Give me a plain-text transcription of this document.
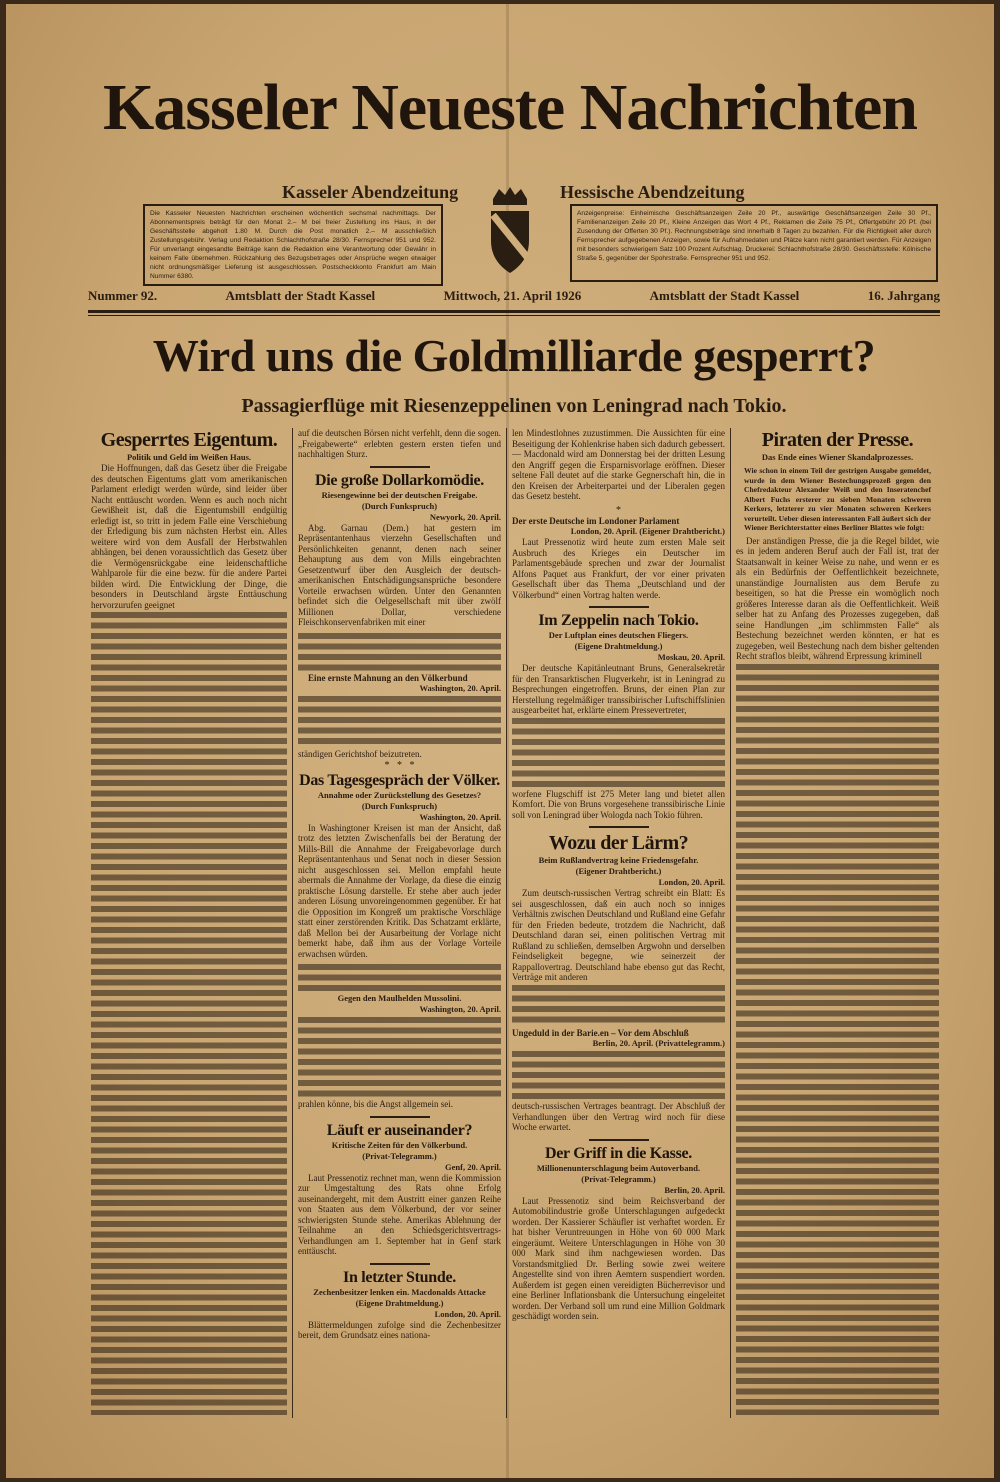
Kasseler Neueste Nachrichten
Kasseler Abendzeitung	Hessische Abendzeitung
Die Kasseler Neuesten Nachrichten erscheinen wöchentlich sechsmal nachmittags. Der Abonnementspreis beträgt für den Monat 2.– M bei freier Zustellung ins Haus, in der Geschäftsstelle abgeholt 1.80 M. Durch die Post monatlich 2.– M ausschließlich Zustellungsgebühr. Verlag und Redaktion Schlachthofstraße 28/30. Fernsprecher 951 und 952. Für unverlangt eingesandte Beiträge kann die Redaktion eine Verantwortung oder Gewähr in keinem Falle übernehmen. Rückzahlung des Bezugsbetrages oder Ansprüche wegen etwaiger nicht ordnungsmäßiger Lieferung ist ausgeschlossen. Postscheckkonto Frankfurt am Main Nummer 6380.
Anzeigenpreise: Einheimische Geschäftsanzeigen Zeile 20 Pf., auswärtige Geschäftsanzeigen Zeile 30 Pf., Familienanzeigen Zeile 20 Pf., Kleine Anzeigen das Wort 4 Pf., Reklamen die Zeile 75 Pf., Offertgebühr 20 Pf. (bei Zusendung der Offerten 30 Pf.). Rechnungsbeträge sind innerhalb 8 Tagen zu bezahlen. Für die Richtigkeit aller durch Fernsprecher aufgegebenen Anzeigen, sowie für Aufnahmedaten und Plätze kann nicht garantiert werden. Für Anzeigen mit besonders schwierigem Satz 100 Prozent Aufschlag. Druckerei: Schlachthofstraße 28/30. Geschäftsstelle: Kölnische Straße 5, gegenüber der Spohrstraße. Fernsprecher 951 und 952.
Nummer 92.	Amtsblatt der Stadt Kassel	Mittwoch, 21. April 1926	Amtsblatt der Stadt Kassel	16. Jahrgang
Wird uns die Goldmilliarde gesperrt?
Passagierflüge mit Riesenzeppelinen von Leningrad nach Tokio.
Gesperrtes Eigentum.
Politik und Geld im Weißen Haus.
Die Hoffnungen, daß das Gesetz über die Freigabe des deutschen Eigentums glatt vom amerikanischen Parlament erledigt werden würde, sind leider über Nacht enttäuscht worden. Wenn es auch noch nicht Gewißheit ist, daß die Eigentumsbill endgültig erledigt ist, so tritt in jedem Falle eine Verschiebung der Erledigung bis zum nächsten Herbst ein. Alles weitere wird von dem Ausfall der Herbstwahlen abhängen, bei denen voraussichtlich das Gesetz über die Vermögensrückgabe eine leidenschaftliche Wahlparole für die eine bezw. für die andere Partei bilden wird. Die Entwicklung der Dinge, die besonders in Deutschland ärgste Enttäuschung hervorzurufen geeignet
auf die deutschen Börsen nicht verfehlt, denn die sogen. „Freigabewerte“ erlebten gestern ersten tiefen und nachhaltigen Sturz.
Die große Dollarkomödie.
Riesengewinne bei der deutschen Freigabe.
(Durch Funkspruch)
Newyork, 20. April.
Abg. Garnau (Dem.) hat gestern im Repräsentantenhaus vierzehn Gesellschaften und Persönlichkeiten genannt, denen nach seiner Behauptung aus dem von Mills eingebrachten Gesetzentwurf über den Ausgleich der deutsch-amerikanischen Entschädigungsansprüche besondere Vorteile erwachsen würden. Unter den Genannten befindet sich die Oelgesellschaft mit über zwölf Millionen Dollar, verschiedene Fleischkonservenfabriken mit einer
Eine ernste Mahnung an den Völkerbund
Washington, 20. April.
ständigen Gerichtshof beizutreten.
*   *   *
Das Tagesgespräch der Völker.
Annahme oder Zurückstellung des Gesetzes?
(Durch Funkspruch)
Washington, 20. April.
In Washingtoner Kreisen ist man der Ansicht, daß trotz des letzten Zwischenfalls bei der Beratung der Mills-Bill die Annahme der Freigabevorlage durch Repräsentantenhaus und Senat noch in dieser Session nicht ausgeschlossen sei. Mellon empfahl heute abermals die Annahme der Vorlage, da diese die einzig praktische Lösung darstelle. Er stehe aber auch jeder anderen Lösung unvoreingenommen gegenüber. Er hat die Opposition im Kongreß um praktische Vorschläge statt einer zerstörenden Kritik. Das Schatzamt erklärte, daß Mellon bei der Ausarbeitung der Vorlage nicht bemerkt habe, daß ihm aus der Vorlage Vorteile erwachsen würden.
Gegen den Maulhelden Mussolini.
Washington, 20. April.
prahlen könne, bis die Angst allgemein sei.
Läuft er auseinander?
Kritische Zeiten für den Völkerbund.
(Privat-Telegramm.)
Genf, 20. April.
Laut Pressenotiz rechnet man, wenn die Kommission zur Umgestaltung des Rats ohne Erfolg auseinandergeht, mit dem Austritt einer ganzen Reihe von Staaten aus dem Völkerbund, der vor seiner schwierigsten Stunde stehe. Amerikas Ablehnung der Teilnahme an den Schiedsgerichtsvertrags-Verhandlungen am 1. September hat in Genf stark enttäuscht.
In letzter Stunde.
Zechenbesitzer lenken ein. Macdonalds Attacke
(Eigene Drahtmeldung.)
London, 20. April.
Blättermeldungen zufolge sind die Zechenbesitzer bereit, dem Grundsatz eines nationa-
len Mindestlohnes zuzustimmen. Die Aussichten für eine Beseitigung der Kohlenkrise haben sich dadurch gebessert. — Macdonald wird am Donnerstag bei der dritten Lesung den Angriff gegen die Ersparnisvorlage eröffnen. Dieser seltene Fall deutet auf die starke Gegnerschaft hin, die in den Kreisen der Arbeiterpartei und der Liberalen gegen das Gesetz besteht.
*
Der erste Deutsche im Londoner Parlament
London, 20. April. (Eigener Drahtbericht.)
Laut Pressenotiz wird heute zum ersten Male seit Ausbruch des Krieges ein Deutscher im Parlamentsgebäude sprechen und zwar der Journalist Alfons Paquet aus Frankfurt, der vor einer privaten Gesellschaft über das Thema „Deutschland und der Völkerbund“ einen Vortrag halten werde.
Im Zeppelin nach Tokio.
Der Luftplan eines deutschen Fliegers.
(Eigene Drahtmeldung.)
Moskau, 20. April.
Der deutsche Kapitänleutnant Bruns, Generalsekretär für den Transarktischen Flugverkehr, ist in Leningrad zu Besprechungen eingetroffen. Bruns, der einen Plan zur Herstellung regelmäßiger transsibirischer Luftschiffslinien ausgearbeitet hat, erklärte einem Pressevertreter,
worfene Flugschiff ist 275 Meter lang und bietet allen Komfort. Die von Bruns vorgesehene transsibirische Linie soll von Leningrad über Wologda nach Tokio führen.
Wozu der Lärm?
Beim Rußlandvertrag keine Friedensgefahr.
(Eigener Drahtbericht.)
London, 20. April.
Zum deutsch-russischen Vertrag schreibt ein Blatt: Es sei ausgeschlossen, daß ein auch noch so inniges Verhältnis zwischen Deutschland und Rußland eine Gefahr für den Frieden bedeute, trotzdem die Nachricht, daß Deutschland daran sei, einen politischen Vertrag mit Rußland zu schließen, demselben Argwohn und derselben Feindseligkeit begegne, wie seinerzeit der Rappallovertrag. Deutschland habe ebenso gut das Recht, Verträge mit anderen
Ungeduld in der Barie.en – Vor dem Abschluß
Berlin, 20. April. (Privattelegramm.)
deutsch-russischen Vertrages beantragt. Der Abschluß der Verhandlungen über den Vertrag wird noch für diese Woche erwartet.
Der Griff in die Kasse.
Millionenunterschlagung beim Autoverband.
(Privat-Telegramm.)
Berlin, 20. April.
Laut Pressenotiz sind beim Reichsverband der Automobilindustrie große Unterschlagungen aufgedeckt worden. Der Kassierer Schäufler ist verhaftet worden. Er hat bisher Veruntreuungen in Höhe von 60 000 Mark eingeräumt. Weitere Unterschlagungen in Höhe von 30 000 Mark sind ihm nachgewiesen worden. Das Vorstandsmitglied Dr. Berling sowie zwei weitere Angestellte sind von ihren Aemtern suspendiert worden. Außerdem ist gegen einen vereidigten Bücherrevisor und eine Berliner Inflationsbank die Untersuchung eingeleitet worden. Der Verband soll um rund eine Million Goldmark geschädigt worden sein.
Piraten der Presse.
Das Ende eines Wiener Skandalprozesses.
Wie schon in einem Teil der gestrigen Ausgabe gemeldet, wurde in dem Wiener Bestechungsprozeß gegen den Chefredakteur Alexander Weiß und den Inseratenchef Albert Fuchs ersterer zu sieben Monaten schweren Kerkers, letzterer zu vier Monaten schweren Kerkers verurteilt. Ueber diesen interessanten Fall äußert sich der Wiener Berichterstatter eines Berliner Blattes wie folgt:
Der anständigen Presse, die ja die Regel bildet, wie es in jedem anderen Beruf auch der Fall ist, trat der Staatsanwalt in keiner Weise zu nahe, und wenn er es als ein Bedürfnis der Oeffentlichkeit bezeichnete, unanständige Journalisten aus dem Berufe zu beseitigen, so hat die Presse ein womöglich noch größeres Interesse daran als die Oeffentlichkeit. Weiß selber hat zu Anfang des Prozesses zugegeben, daß seine Handlungen „im schlimmsten Falle“ als Bestechung bezeichnet werden könnten, er hat es zugegeben, weil Bestechung nach dem bisher geltenden Recht straflos bleibt, während Erpressung kriminell
